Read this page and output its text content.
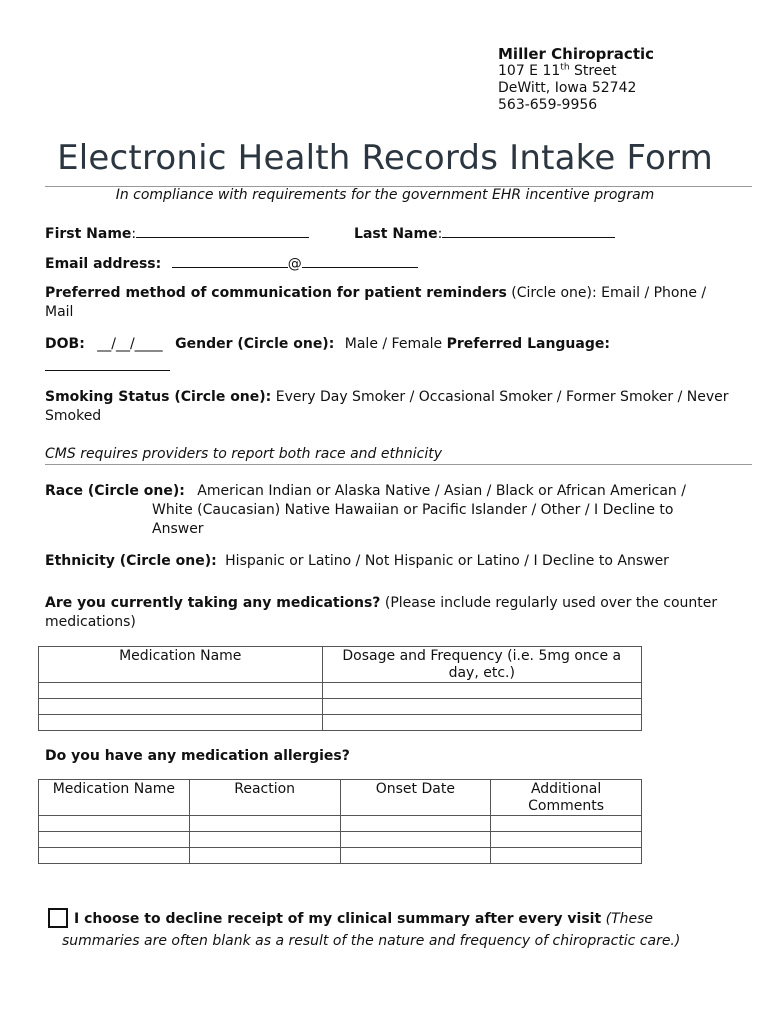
Miller Chiropractic
107 E 11th Street
DeWitt, Iowa 52742
563-659-9956
Electronic Health Records Intake Form
In compliance with requirements for the government EHR incentive program
First Name:	Last Name:
Email address:	@
Preferred method of communication for patient reminders (Circle one): Email / Phone /
Mail
DOB: __/__/____ Gender (Circle one): Male / Female Preferred Language:
Smoking Status (Circle one): Every Day Smoker / Occasional Smoker / Former Smoker / Never
Smoked
CMS requires providers to report both race and ethnicity
Race (Circle one): American Indian or Alaska Native / Asian / Black or African American /
White (Caucasian) Native Hawaiian or Pacific Islander / Other / I Decline to
Answer
Ethnicity (Circle one): Hispanic or Latino / Not Hispanic or Latino / I Decline to Answer
Are you currently taking any medications? (Please include regularly used over the counter
medications)
Medication Name	Dosage and Frequency (i.e. 5mg once a day, etc.)

Do you have any medication allergies?
Medication Name	Reaction	Onset Date	Additional Comments

I choose to decline receipt of my clinical summary after every visit (These
summaries are often blank as a result of the nature and frequency of chiropractic care.)
